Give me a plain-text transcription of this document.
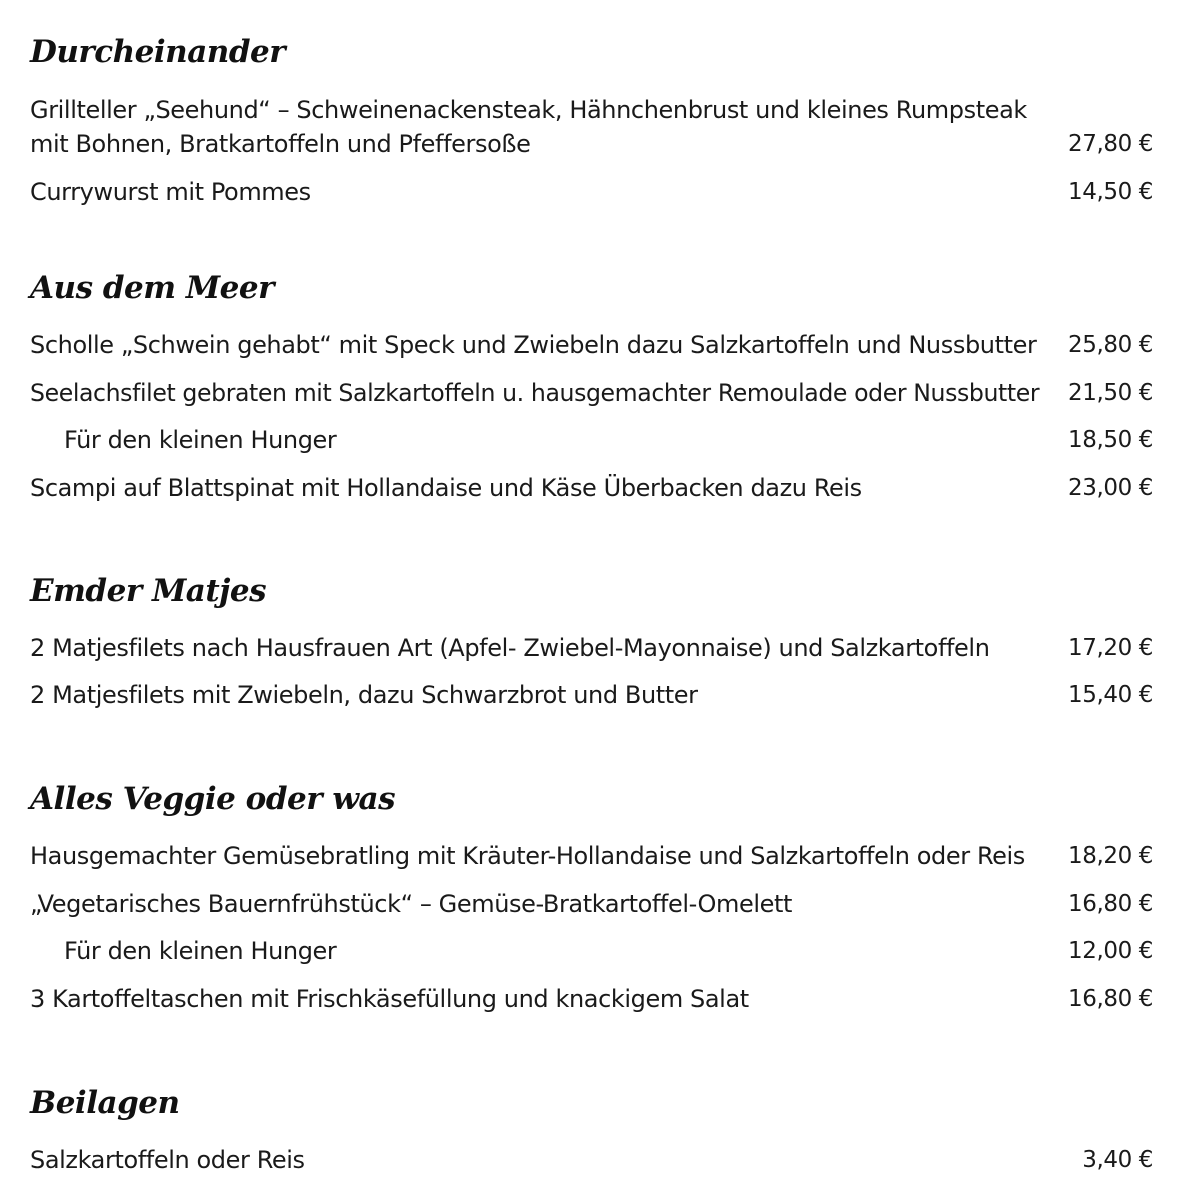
Durcheinander
Grillteller „Seehund“ – Schweinenackensteak, Hähnchenbrust und kleines Rumpsteak
mit Bohnen, Bratkartoffeln und Pfeffersoße	27,80 €
Currywurst mit Pommes	14,50 €
Aus dem Meer
Scholle „Schwein gehabt“ mit Speck und Zwiebeln dazu Salzkartoffeln und Nussbutter 25,80 €
Seelachsfilet gebraten mit Salzkartoffeln u. hausgemachter Remoulade oder Nussbutter 21,50 €
Für den kleinen Hunger	18,50 €
Scampi auf Blattspinat mit Hollandaise und Käse Überbacken dazu Reis	23,00 €
Emder Matjes
2 Matjesfilets nach Hausfrauen Art (Apfel- Zwiebel-Mayonnaise) und Salzkartoffeln	17,20 €
2 Matjesfilets mit Zwiebeln, dazu Schwarzbrot und Butter	15,40 €
Alles Veggie oder was
Hausgemachter Gemüsebratling mit Kräuter-Hollandaise und Salzkartoffeln oder Reis 18,20 €
„Vegetarisches Bauernfrühstück“ – Gemüse-Bratkartoffel-Omelett	16,80 €
Für den kleinen Hunger	12,00 €
3 Kartoffeltaschen mit Frischkäsefüllung und knackigem Salat	16,80 €
Beilagen
Salzkartoffeln oder Reis	3,40 €
